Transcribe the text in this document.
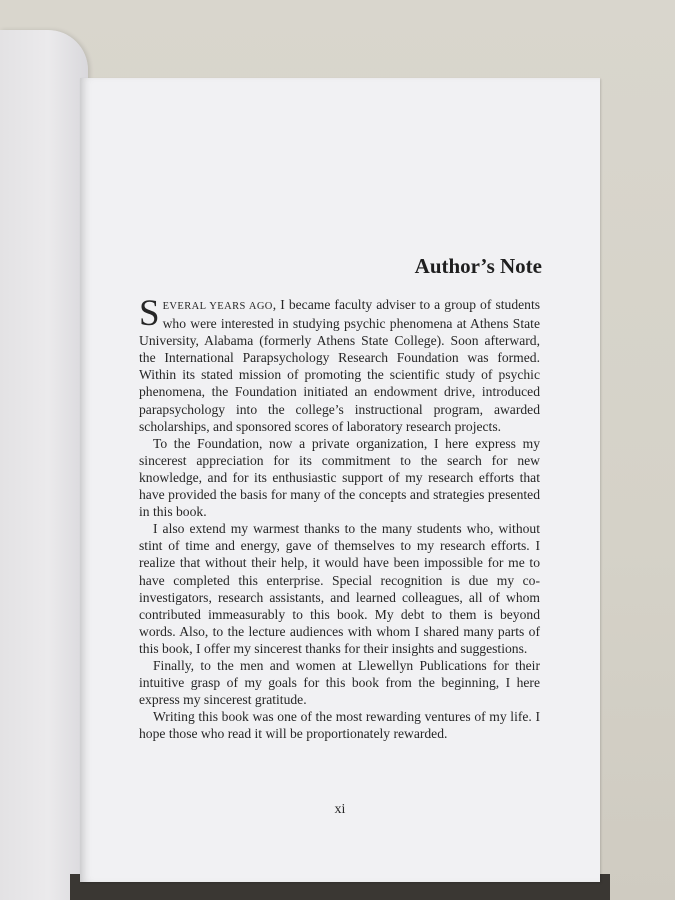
Author’s Note

SEVERAL YEARS AGO, I became faculty adviser to a group of students who were interested in studying psychic phenomena at Athens State University, Alabama (formerly Athens State College). Soon afterward, the International Parapsychology Research Foundation was formed. Within its stated mission of promoting the scientific study of psychic phenomena, the Foundation initiated an endowment drive, introduced parapsychology into the college’s instructional program, awarded scholarships, and sponsored scores of laboratory research projects.

To the Foundation, now a private organization, I here express my sincerest appreciation for its commitment to the search for new knowledge, and for its enthusiastic support of my research efforts that have provided the basis for many of the concepts and strategies presented in this book.

I also extend my warmest thanks to the many students who, without stint of time and energy, gave of themselves to my research efforts. I realize that without their help, it would have been impossible for me to have completed this enterprise. Special recognition is due my co-investigators, research assistants, and learned colleagues, all of whom contributed immeasurably to this book. My debt to them is beyond words. Also, to the lecture audiences with whom I shared many parts of this book, I offer my sincerest thanks for their insights and suggestions.

Finally, to the men and women at Llewellyn Publications for their intuitive grasp of my goals for this book from the beginning, I here express my sincerest gratitude.

Writing this book was one of the most rewarding ventures of my life. I hope those who read it will be proportionately rewarded.

xi
